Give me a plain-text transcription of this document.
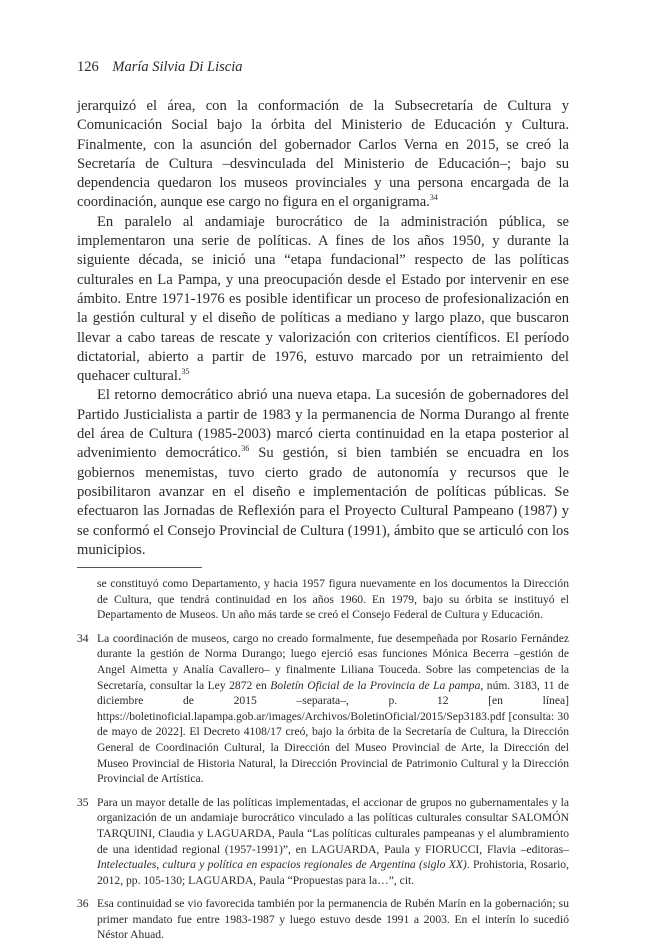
126 María Silvia Di Liscia

jerarquizó el área, con la conformación de la Subsecretaría de Cultura y Comunicación Social bajo la órbita del Ministerio de Educación y Cultura. Finalmente, con la asunción del gobernador Carlos Verna en 2015, se creó la Secretaría de Cultura –desvinculada del Ministerio de Educación–; bajo su dependencia quedaron los museos provinciales y una persona encargada de la coordinación, aunque ese cargo no figura en el organigrama.$^{34}$

En paralelo al andamiaje burocrático de la administración pública, se implementaron una serie de políticas. A fines de los años 1950, y durante la siguiente década, se inició una “etapa fundacional” respecto de las políticas culturales en La Pampa, y una preocupación desde el Estado por intervenir en ese ámbito. Entre 1971-1976 es posible identificar un proceso de profesionalización en la gestión cultural y el diseño de políticas a mediano y largo plazo, que buscaron llevar a cabo tareas de rescate y valorización con criterios científicos. El período dictatorial, abierto a partir de 1976, estuvo marcado por un retraimiento del quehacer cultural.$^{35}$

El retorno democrático abrió una nueva etapa. La sucesión de gobernadores del Partido Justicialista a partir de 1983 y la permanencia de Norma Durango al frente del área de Cultura (1985-2003) marcó cierta continuidad en la etapa posterior al advenimiento democrático.$^{36}$ Su gestión, si bien también se encuadra en los gobiernos menemistas, tuvo cierto grado de autonomía y recursos que le posibilitaron avanzar en el diseño e implementación de políticas públicas. Se efectuaron las Jornadas de Reflexión para el Proyecto Cultural Pampeano (1987) y se conformó el Consejo Provincial de Cultura (1991), ámbito que se articuló con los municipios.

se constituyó como Departamento, y hacia 1957 figura nuevamente en los documentos la Dirección de Cultura, que tendrá continuidad en los años 1960. En 1979, bajo su órbita se instituyó el Departamento de Museos. Un año más tarde se creó el Consejo Federal de Cultura y Educación.
34 La coordinación de museos, cargo no creado formalmente, fue desempeñada por Rosario Fernández durante la gestión de Norma Durango; luego ejerció esas funciones Mónica Becerra –gestión de Angel Aimetta y Analía Cavallero– y finalmente Liliana Touceda. Sobre las competencias de la Secretaría, consultar la Ley 2872 en Boletín Oficial de la Provincia de La pampa, núm. 3183, 11 de diciembre de 2015 –separata–, p. 12 [en línea] https://boletinoficial.lapampa.gob.ar/images/Archivos/BoletinOficial/2015/Sep3183.pdf [consulta: 30 de mayo de 2022]. El Decreto 4108/17 creó, bajo la órbita de la Secretaría de Cultura, la Dirección General de Coordinación Cultural, la Dirección del Museo Provincial de Arte, la Dirección del Museo Provincial de Historia Natural, la Dirección Provincial de Patrimonio Cultural y la Dirección Provincial de Artística.
35 Para un mayor detalle de las políticas implementadas, el accionar de grupos no gubernamentales y la organización de un andamiaje burocrático vinculado a las políticas culturales consultar SALOMÓN TARQUINI, Claudia y LAGUARDA, Paula “Las políticas culturales pampeanas y el alumbramiento de una identidad regional (1957-1991)”, en LAGUARDA, Paula y FIORUCCI, Flavia –editoras– Intelectuales, cultura y política en espacios regionales de Argentina (siglo XX). Prohistoria, Rosario, 2012, pp. 105-130; LAGUARDA, Paula “Propuestas para la…”, cit.
36 Esa continuidad se vio favorecida también por la permanencia de Rubén Marín en la gobernación; su primer mandato fue entre 1983-1987 y luego estuvo desde 1991 a 2003. En el interín lo sucedió Néstor Ahuad.
